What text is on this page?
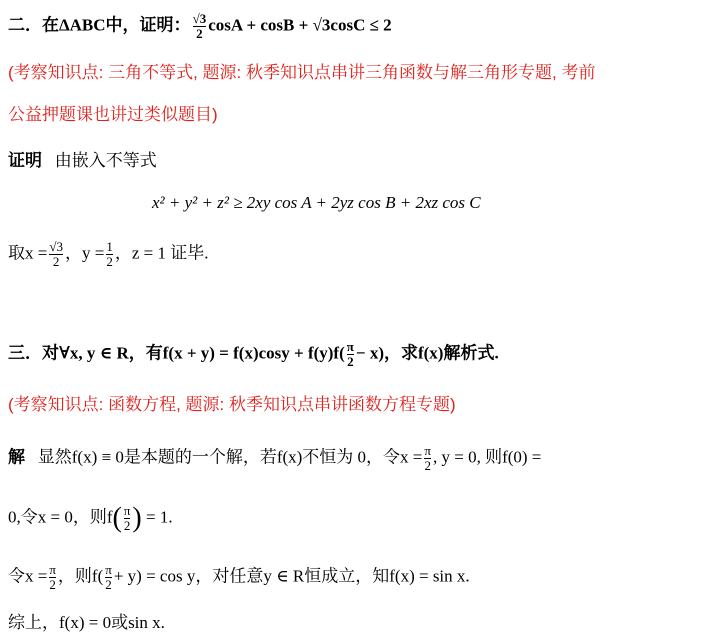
二．在ΔABC中，证明： $\frac{√3}{2}$ cosA + cosB + √3cosC ≤ 2
(考察知识点: 三角不等式, 题源: 秋季知识点串讲三角函数与解三角形专题, 考前
公益押题课也讲过类似题目)
证明 由嵌入不等式
x² + y² + z² ≥ 2xy cos A + 2yz cos B + 2xz cos C
取$x = \frac{√3}{2}$ ，$y = \frac{1}{2}$ ，z = 1 证毕.
三．对∀x, y ∈ R，有$f(x + y) = f(x)\cos y + f(y)f( \frac{\pi}{2} - x)$，求f(x)解析式.
(考察知识点: 函数方程, 题源: 秋季知识点串讲函数方程专题)
解 显然f(x) ≡ 0是本题的一个解，若f(x)不恒为 0，令$x = \frac{\pi}{2}$ , y = 0, 则f(0) =
0,令x = 0，则$f( \frac{\pi}{2}$ ) = 1.
令$x = \frac{\pi}{2}$ ，则$f( \frac{\pi}{2} + y) = \cos y$，对任意y ∈ R恒成立，知f(x) = sin x.
综上，f(x) = 0或sin x.
